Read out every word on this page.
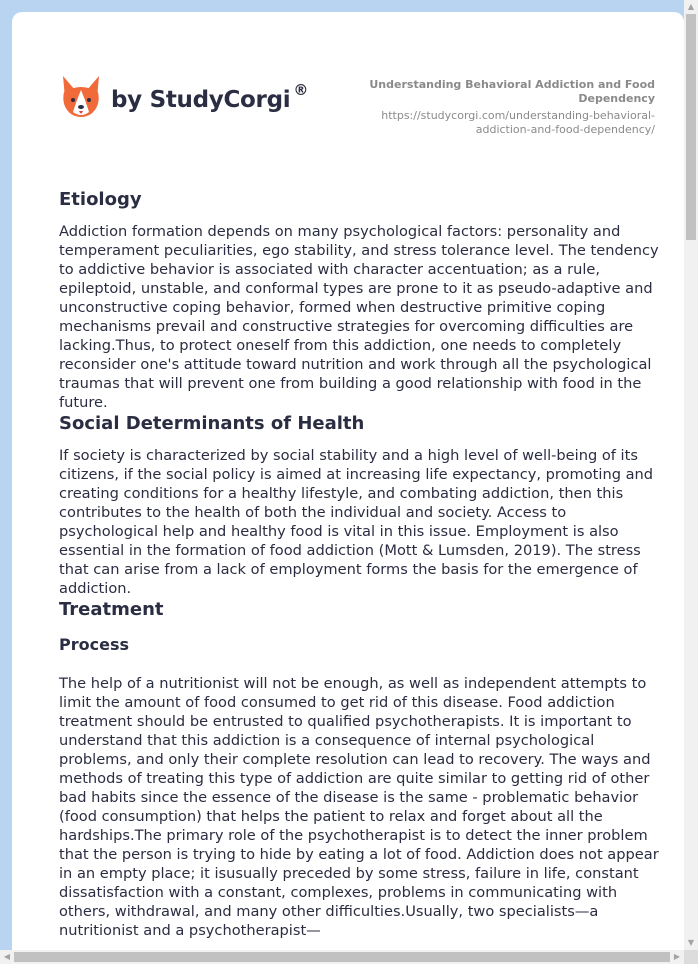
by StudyCorgi ®	Understanding Behavioral Addiction and Food Dependency
https://studycorgi.com/understanding-behavioral-addiction-and-food-dependency/
Etiology

Addiction formation depends on many psychological factors: personality and temperament peculiarities, ego stability, and stress tolerance level. The tendency to addictive behavior is associated with character accentuation; as a rule, epileptoid, unstable, and conformal types are prone to it as pseudo-adaptive and unconstructive coping behavior, formed when destructive primitive coping mechanisms prevail and constructive strategies for overcoming difficulties are lacking.Thus, to protect oneself from this addiction, one needs to completely reconsider one's attitude toward nutrition and work through all the psychological traumas that will prevent one from building a good relationship with food in the future.

Social Determinants of Health

If society is characterized by social stability and a high level of well-being of its citizens, if the social policy is aimed at increasing life expectancy, promoting and creating conditions for a healthy lifestyle, and combating addiction, then this contributes to the health of both the individual and society. Access to psychological help and healthy food is vital in this issue. Employment is also essential in the formation of food addiction (Mott & Lumsden, 2019). The stress that can arise from a lack of employment forms the basis for the emergence of addiction.

Treatment
Process

The help of a nutritionist will not be enough, as well as independent attempts to limit the amount of food consumed to get rid of this disease. Food addiction treatment should be entrusted to qualified psychotherapists. It is important to understand that this addiction is a consequence of internal psychological problems, and only their complete resolution can lead to recovery. The ways and methods of treating this type of addiction are quite similar to getting rid of other bad habits since the essence of the disease is the same - problematic behavior (food consumption) that helps the patient to relax and forget about all the hardships.The primary role of the psychotherapist is to detect the inner problem that the person is trying to hide by eating a lot of food. Addiction does not appear in an empty place; it isusually preceded by some stress, failure in life, constant dissatisfaction with a constant, complexes, problems in communicating with others, withdrawal, and many other difficulties.Usually, two specialists—a nutritionist and a psychotherapist—

▲
▼
◀	▶
